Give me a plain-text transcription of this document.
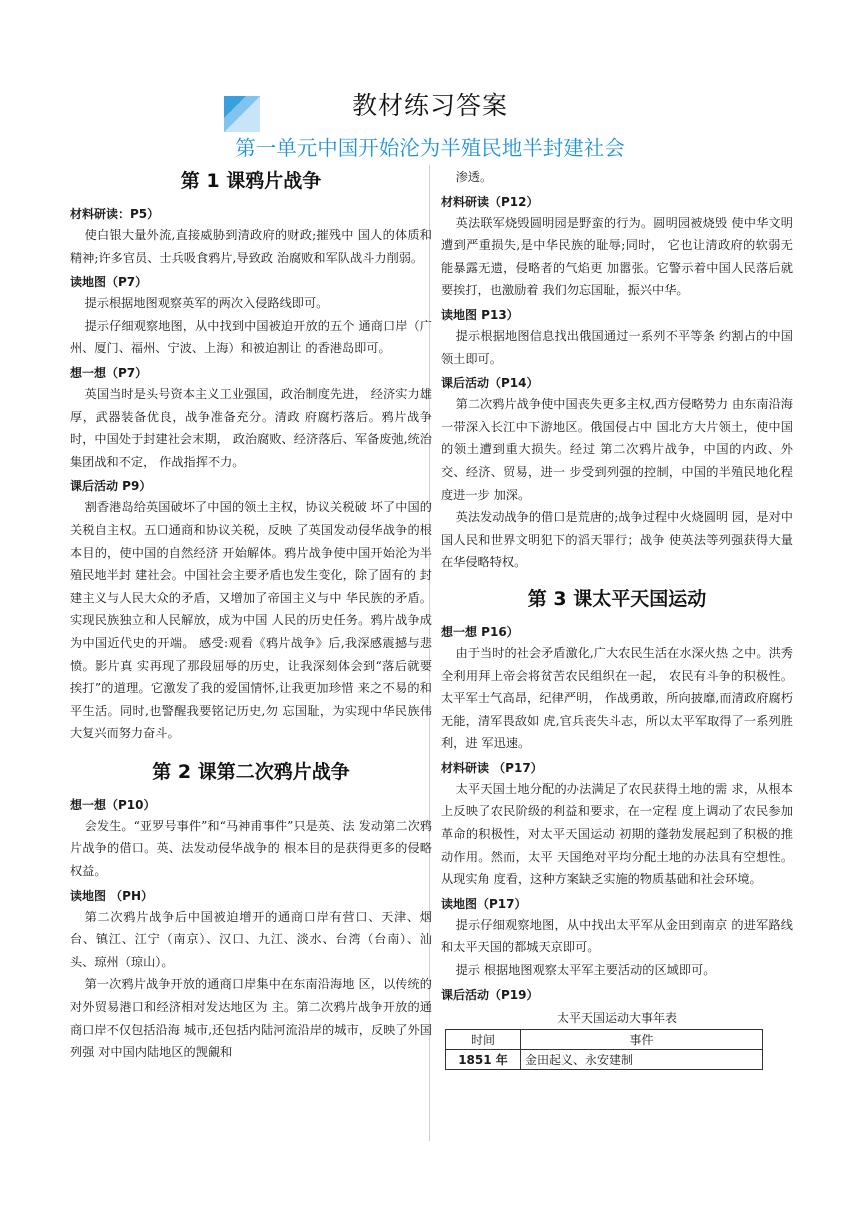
教材练习答案
第一单元中国开始沦为半殖民地半封建社会
第 1 课鸦片战争
材料研读：P5）

使白银大量外流,直接威胁到清政府的财政;摧残中 国人的体质和精神;许多官员、士兵吸食鸦片,导致政 治腐败和军队战斗力削弱。

读地图（P7）

提示根据地图观察英军的两次入侵路线即可。

提示仔细观察地图，从中找到中国被迫开放的五个 通商口岸（广州、厦门、福州、宁波、上海）和被迫割让 的香港岛即可。

想一想（P7）

英国当时是头号资本主义工业强国，政治制度先进， 经济实力雄厚，武器装备优良，战争准备充分。清政 府腐朽落后。鸦片战争时，中国处于封建社会末期， 政治腐败、经济落后、军备废弛,统治集团战和不定， 作战指挥不力。

课后活动 P9）

割香港岛给英国破坏了中国的领土主权，协议关税破 坏了中国的关税自主权。五口通商和协议关税，反映 了英国发动侵华战争的根本目的，使中国的自然经济 开始解体。鸦片战争使中国开始沦为半殖民地半封 建社会。中国社会主要矛盾也发生变化，除了固有的 封建主义与人民大众的矛盾，又增加了帝国主义与中 华民族的矛盾。实现民族独立和人民解放，成为中国 人民的历史任务。鸦片战争成为中国近代史的开端。 感受:观看《鸦片战争》后,我深感震撼与悲愤。影片真 实再现了那段屈辱的历史，让我深刻体会到“落后就要 挨打”的道理。它激发了我的爱国情怀,让我更加珍惜 来之不易的和平生活。同时,也警醒我要铭记历史,勿 忘国耻，为实现中华民族伟大复兴而努力奋斗。

第 2 课第二次鸦片战争
想一想（P10）

会发生。“亚罗号事件”和“马神甫事件”只是英、法 发动第二次鸦片战争的借口。英、法发动侵华战争的 根本目的是获得更多的侵略权益。

读地图 （PH）

第二次鸦片战争后中国被迫增开的通商口岸有营口、天津、烟台、镇江、江宁（南京）、汉口、九江、淡水、台湾（台南）、汕头、琼州（琼山）。

第一次鸦片战争开放的通商口岸集中在东南沿海地 区，以传统的对外贸易港口和经济相对发达地区为 主。第二次鸦片战争开放的通商口岸不仅包括沿海 城市,还包括内陆河流沿岸的城市，反映了外国列强 对中国内陆地区的觊覦和

渗透。

材料研读（P12）

英法联军烧毁圆明园是野蛮的行为。圆明园被烧毁 使中华文明遭到严重损失,是中华民族的耻辱;同时， 它也让清政府的软弱无能暴露无遗，侵略者的气焰更 加嚣张。它警示着中国人民落后就要挨打，也激励着 我们勿忘国耻，振兴中华。

读地图 P13）

提示根据地图信息找出俄国通过一系列不平等条 约割占的中国领土即可。

课后活动（P14）

第二次鸦片战争使中国丧失更多主权,西方侵略势力 由东南沿海一带深入长江中下游地区。俄国侵占中 国北方大片领土，使中国的领土遭到重大损失。经过 第二次鸦片战争，中国的内政、外交、经济、贸易，进一 步受到列强的控制，中国的半殖民地化程度进一步 加深。

英法发动战争的借口是荒唐的;战争过程中火烧圆明 园，是对中国人民和世界文明犯下的滔天罪行；战争 使英法等列强获得大量在华侵略特权。

第 3 课太平天国运动
想一想 P16）

由于当时的社会矛盾激化,广大农民生活在水深火热 之中。洪秀全利用拜上帝会将贫苦农民组织在一起， 农民有斗争的积极性。太平军士气高昂，纪律严明， 作战勇敢，所向披靡,而清政府腐朽无能，清军畏敌如 虎,官兵丧失斗志，所以太平军取得了一系列胜利，进 军迅速。

材料研读 （P17）

太平天国土地分配的办法满足了农民获得土地的需 求，从根本上反映了农民阶级的利益和要求，在一定程 度上调动了农民参加革命的积极性，对太平天国运动 初期的蓬勃发展起到了积极的推动作用。然而，太平 天国绝对平均分配土地的办法具有空想性。从现实角 度看，这种方案缺乏实施的物质基础和社会环境。

读地图（P17）

提示仔细观察地图，从中找出太平军从金田到南京 的进军路线和太平天国的都城天京即可。

提示 根据地图观察太平军主要活动的区域即可。

课后活动（P19）
太平天国运动大事年表
时间	事件
1851 年	金田起义、永安建制
